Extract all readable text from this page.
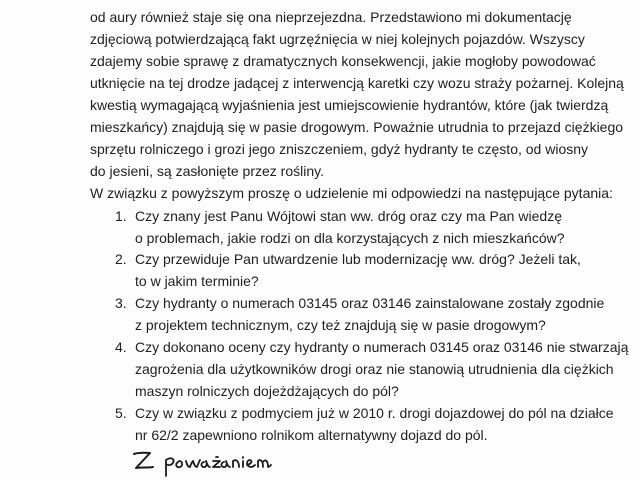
od aury również staje się ona nieprzejezdna. Przedstawiono mi dokumentację
zdjęciową potwierdzającą fakt ugrzęźnięcia w niej kolejnych pojazdów. Wszyscy
zdajemy sobie sprawę z dramatycznych konsekwencji, jakie mogłoby powodować
utknięcie na tej drodze jadącej z interwencją karetki czy wozu straży pożarnej. Kolejną
kwestią wymagającą wyjaśnienia jest umiejscowienie hydrantów, które (jak twierdzą
mieszkańcy) znajdują się w pasie drogowym. Poważnie utrudnia to przejazd ciężkiego
sprzętu rolniczego i grozi jego zniszczeniem, gdyż hydranty te często, od wiosny
do jesieni, są zasłonięte przez rośliny.
W związku z powyższym proszę o udzielenie mi odpowiedzi na następujące pytania:
1. Czy znany jest Panu Wójtowi stan ww. dróg oraz czy ma Pan wiedzę
o problemach, jakie rodzi on dla korzystających z nich mieszkańców?
2. Czy przewiduje Pan utwardzenie lub modernizację ww. dróg? Jeżeli tak,
to w jakim terminie?
3. Czy hydranty o numerach 03145 oraz 03146 zainstalowane zostały zgodnie
z projektem technicznym, czy też znajdują się w pasie drogowym?
4. Czy dokonano oceny czy hydranty o numerach 03145 oraz 03146 nie stwarzają
zagrożenia dla użytkowników drogi oraz nie stanowią utrudnienia dla ciężkich
maszyn rolniczych dojeżdżających do pól?
5. Czy w związku z podmyciem już w 2010 r. drogi dojazdowej do pól na działce
nr 62/2 zapewniono rolnikom alternatywny dojazd do pól.
